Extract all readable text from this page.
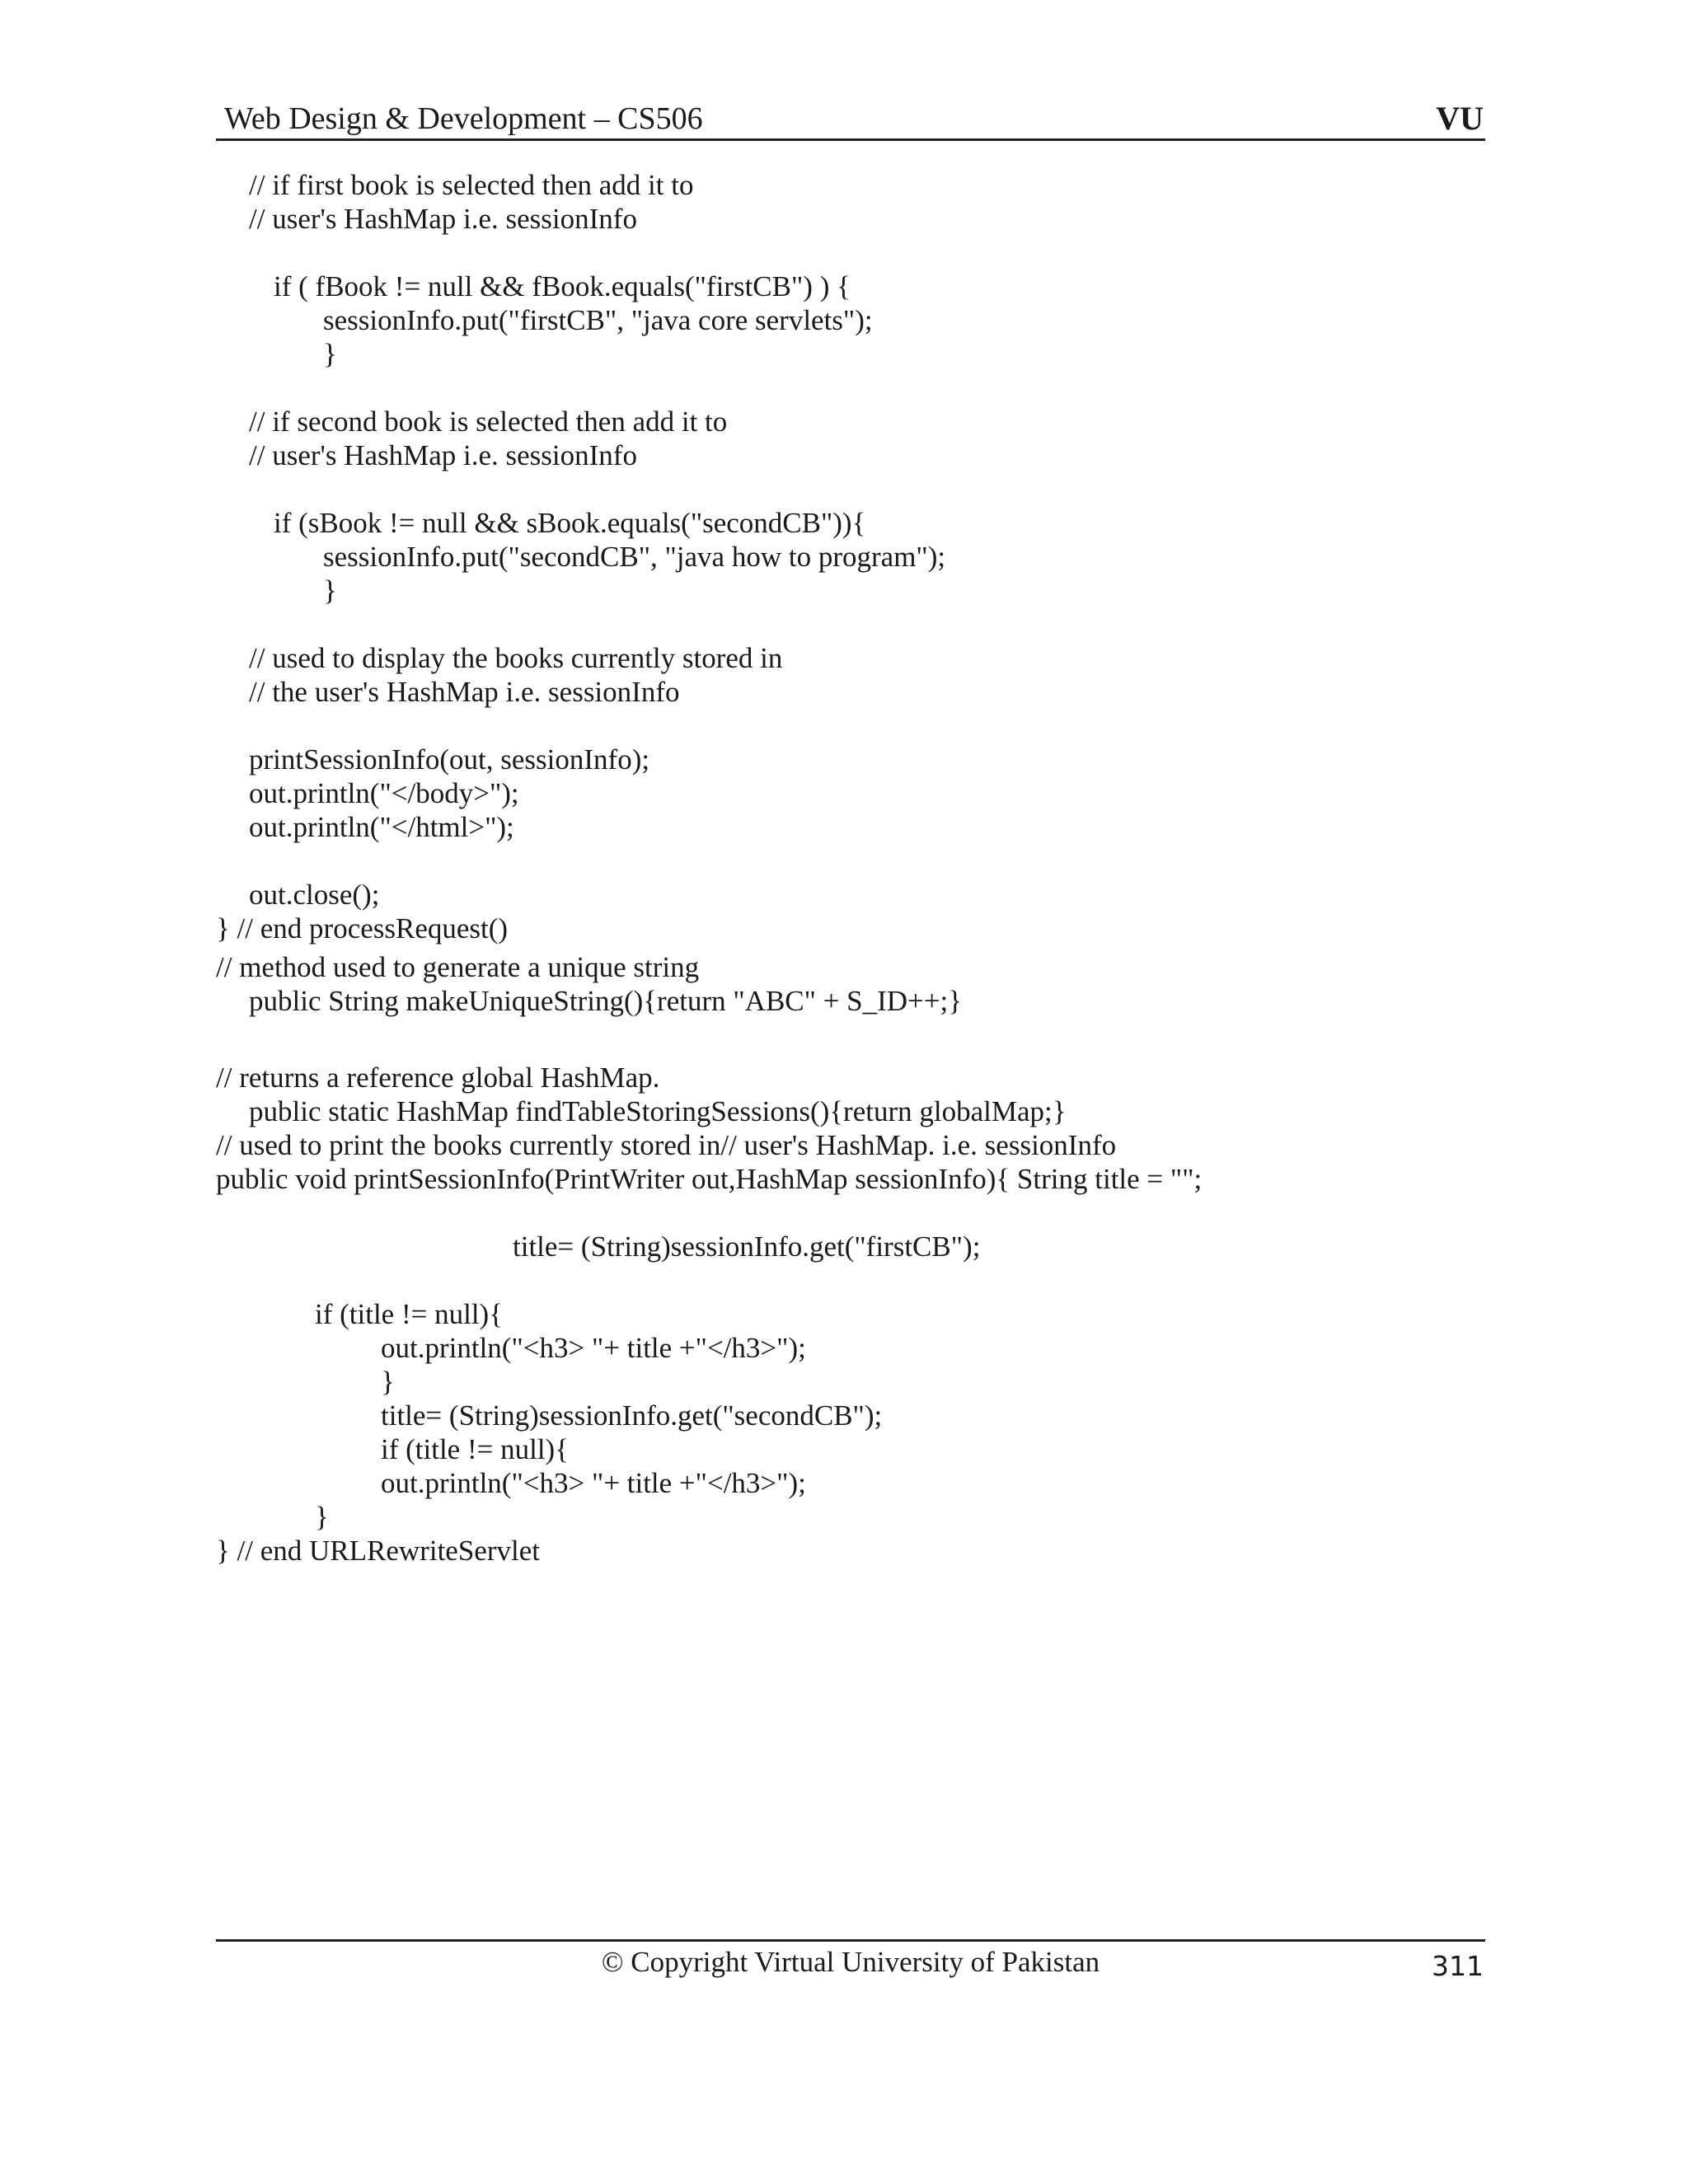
Web Design & Development – CS506	VU
// if first book is selected then add it to
// user's HashMap i.e. sessionInfo
if ( fBook != null && fBook.equals("firstCB") ) {
sessionInfo.put("firstCB", "java core servlets");
}
// if second book is selected then add it to
// user's HashMap i.e. sessionInfo
if (sBook != null && sBook.equals("secondCB")){
sessionInfo.put("secondCB", "java how to program");
}
// used to display the books currently stored in
// the user's HashMap i.e. sessionInfo
printSessionInfo(out, sessionInfo);
out.println("</body>");
out.println("</html>");
out.close();
} // end processRequest()
// method used to generate a unique string
public String makeUniqueString(){return "ABC" + S_ID++;}
// returns a reference global HashMap.
public static HashMap findTableStoringSessions(){return globalMap;}
// used to print the books currently stored in// user's HashMap. i.e. sessionInfo
public void printSessionInfo(PrintWriter out,HashMap sessionInfo){ String title = "";
title= (String)sessionInfo.get("firstCB");
if (title != null){
out.println("<h3> "+ title +"</h3>");
}
title= (String)sessionInfo.get("secondCB");
if (title != null){
out.println("<h3> "+ title +"</h3>");
}
} // end URLRewriteServlet
© Copyright Virtual University of Pakistan	311
